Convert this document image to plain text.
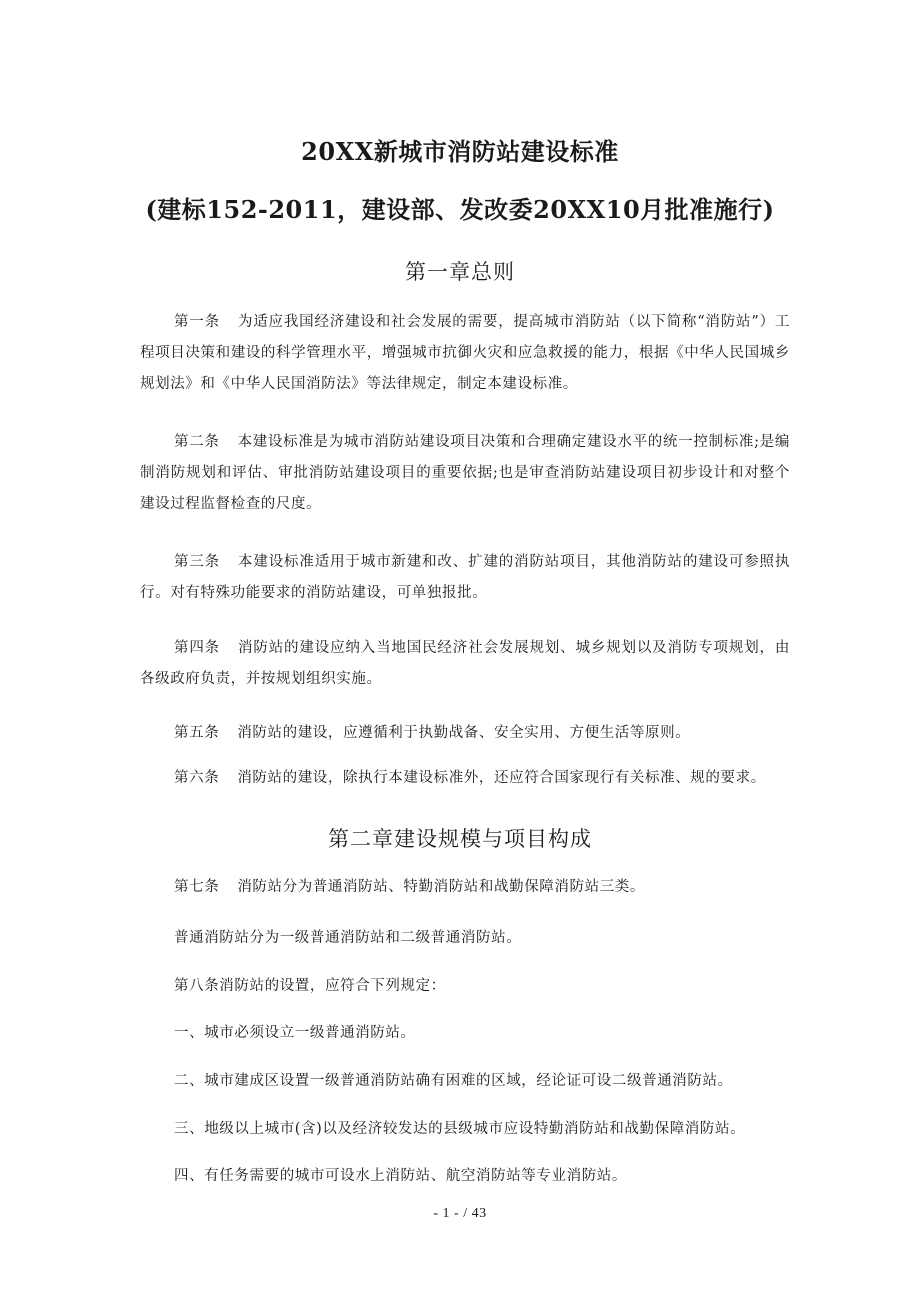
20XX新城市消防站建设标准
(建标152-2011，建设部、发改委20XX10月批准施行)
第一章总则
第一条 为适应我国经济建设和社会发展的需要，提高城市消防站（以下简称“消防站”）工程项目决策和建设的科学管理水平，增强城市抗御火灾和应急救援的能力，根据《中华人民国城乡规划法》和《中华人民国消防法》等法律规定，制定本建设标准。
第二条 本建设标准是为城市消防站建设项目决策和合理确定建设水平的统一控制标准;是编制消防规划和评估、审批消防站建设项目的重要依据;也是审查消防站建设项目初步设计和对整个建设过程监督检查的尺度。
第三条 本建设标准适用于城市新建和改、扩建的消防站项目，其他消防站的建设可参照执行。对有特殊功能要求的消防站建设，可单独报批。
第四条 消防站的建设应纳入当地国民经济社会发展规划、城乡规划以及消防专项规划，由各级政府负责，并按规划组织实施。
第五条 消防站的建设，应遵循利于执勤战备、安全实用、方便生活等原则。
第六条 消防站的建设，除执行本建设标准外，还应符合国家现行有关标准、规的要求。
第二章建设规模与项目构成
第七条 消防站分为普通消防站、特勤消防站和战勤保障消防站三类。
普通消防站分为一级普通消防站和二级普通消防站。
第八条消防站的设置，应符合下列规定：
一、城市必须设立一级普通消防站。
二、城市建成区设置一级普通消防站确有困难的区域，经论证可设二级普通消防站。
三、地级以上城市(含)以及经济较发达的县级城市应设特勤消防站和战勤保障消防站。
四、有任务需要的城市可设水上消防站、航空消防站等专业消防站。
- 1 - / 43
